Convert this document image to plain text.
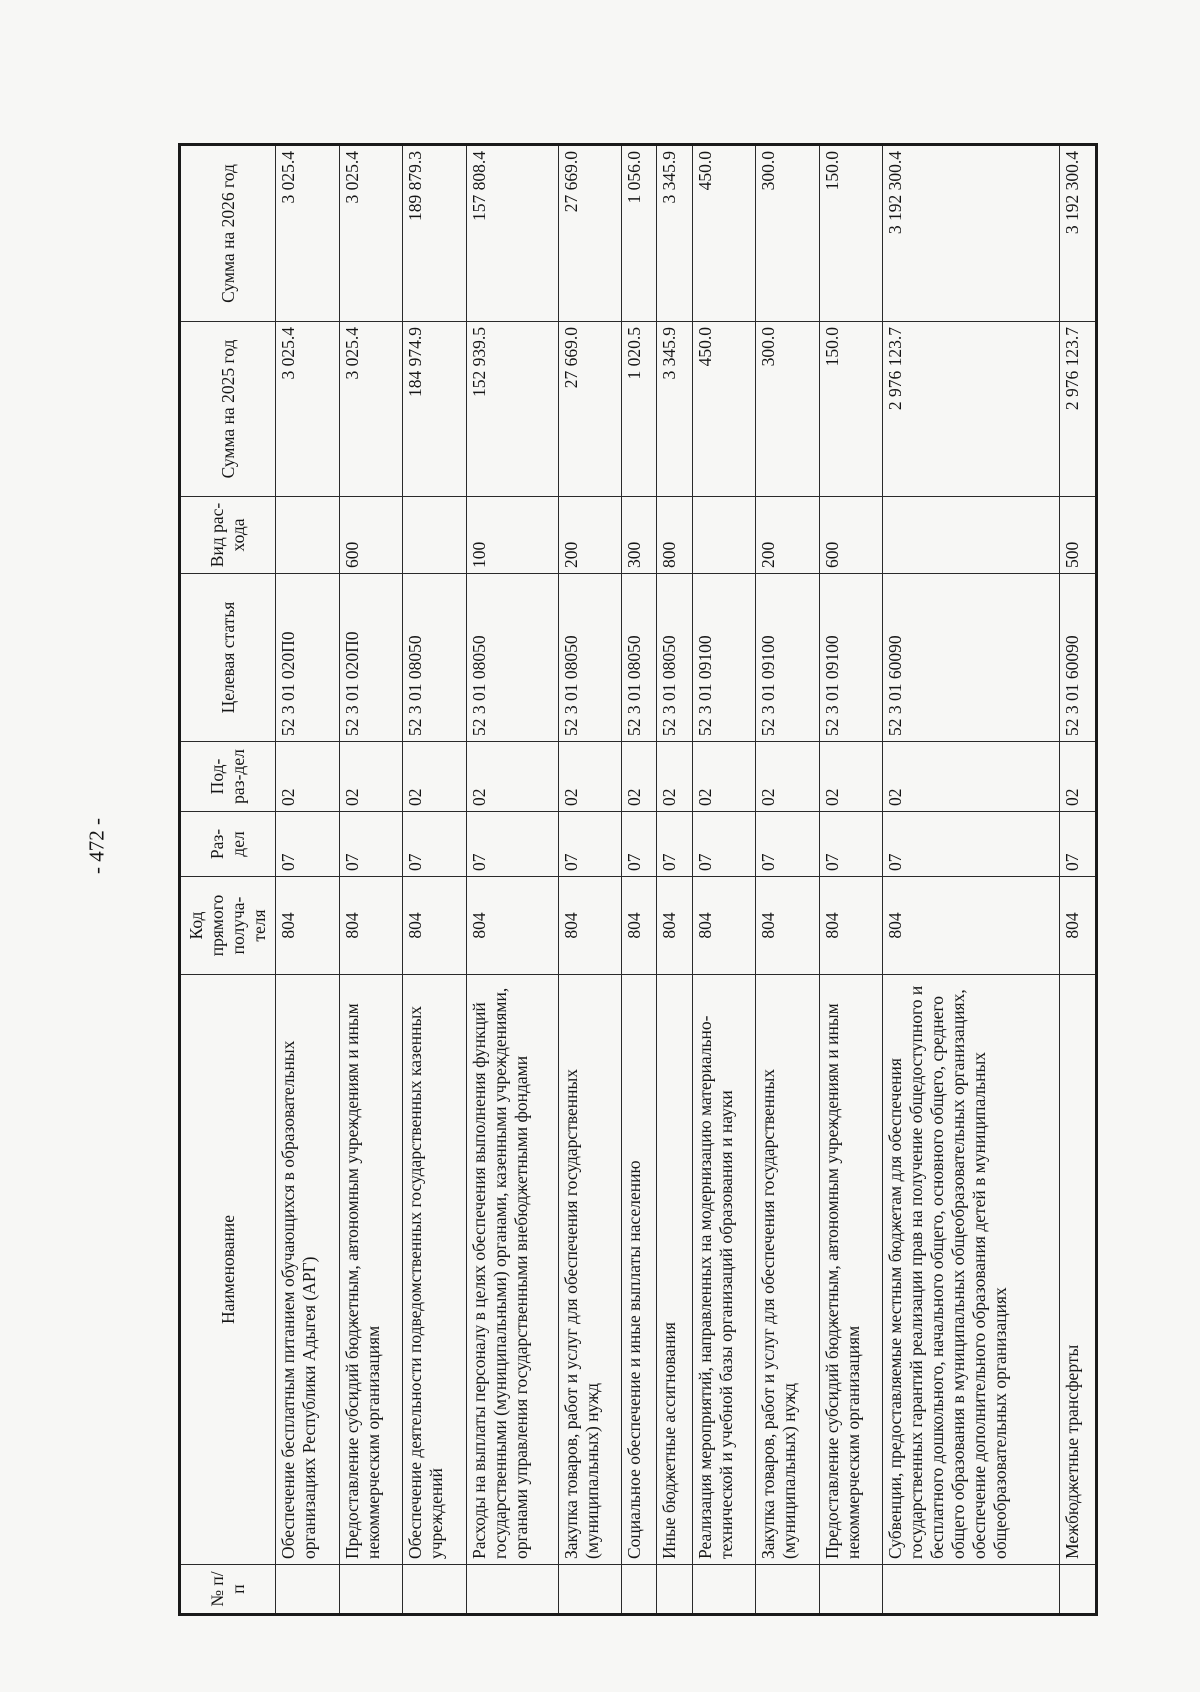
- 472 -
№ п/п	Наименование	Код прямого получа-теля	Раз-дел	Под-раз-дел	Целевая статья	Вид рас-хода	Сумма на 2025 год	Сумма на 2026 год
	Обеспечение бесплатным питанием обучающихся в образовательных организациях Республики Адыгея (АРГ)	804	07	02	52 3 01 020П0		3 025.4	3 025.4
	Предоставление субсидий бюджетным, автономным учреждениям и иным некоммерческим организациям	804	07	02	52 3 01 020П0	600	3 025.4	3 025.4
	Обеспечение деятельности подведомственных государственных казенных учреждений	804	07	02	52 3 01 08050		184 974.9	189 879.3
	Расходы на выплаты персоналу в целях обеспечения выполнения функций государственными (муниципальными) органами, казенными учреждениями, органами управления государственными внебюджетными фондами	804	07	02	52 3 01 08050	100	152 939.5	157 808.4
	Закупка товаров, работ и услуг для обеспечения государственных (муниципальных) нужд	804	07	02	52 3 01 08050	200	27 669.0	27 669.0
	Социальное обеспечение и иные выплаты населению	804	07	02	52 3 01 08050	300	1 020.5	1 056.0
	Иные бюджетные ассигнования	804	07	02	52 3 01 08050	800	3 345.9	3 345.9
	Реализация мероприятий, направленных на модернизацию материально-технической и учебной базы организаций образования и науки	804	07	02	52 3 01 09100		450.0	450.0
	Закупка товаров, работ и услуг для обеспечения государственных (муниципальных) нужд	804	07	02	52 3 01 09100	200	300.0	300.0
	Предоставление субсидий бюджетным, автономным учреждениям и иным некоммерческим организациям	804	07	02	52 3 01 09100	600	150.0	150.0
	Субвенции, предоставляемые местным бюджетам для обеспечения государственных гарантий реализации прав на получение общедоступного и бесплатного дошкольного, начального общего, основного общего, среднего общего образования в муниципальных общеобразовательных организациях, обеспечение дополнительного образования детей в муниципальных общеобразовательных организациях	804	07	02	52 3 01 60090		2 976 123.7	3 192 300.4
	Межбюджетные трансферты	804	07	02	52 3 01 60090	500	2 976 123.7	3 192 300.4
